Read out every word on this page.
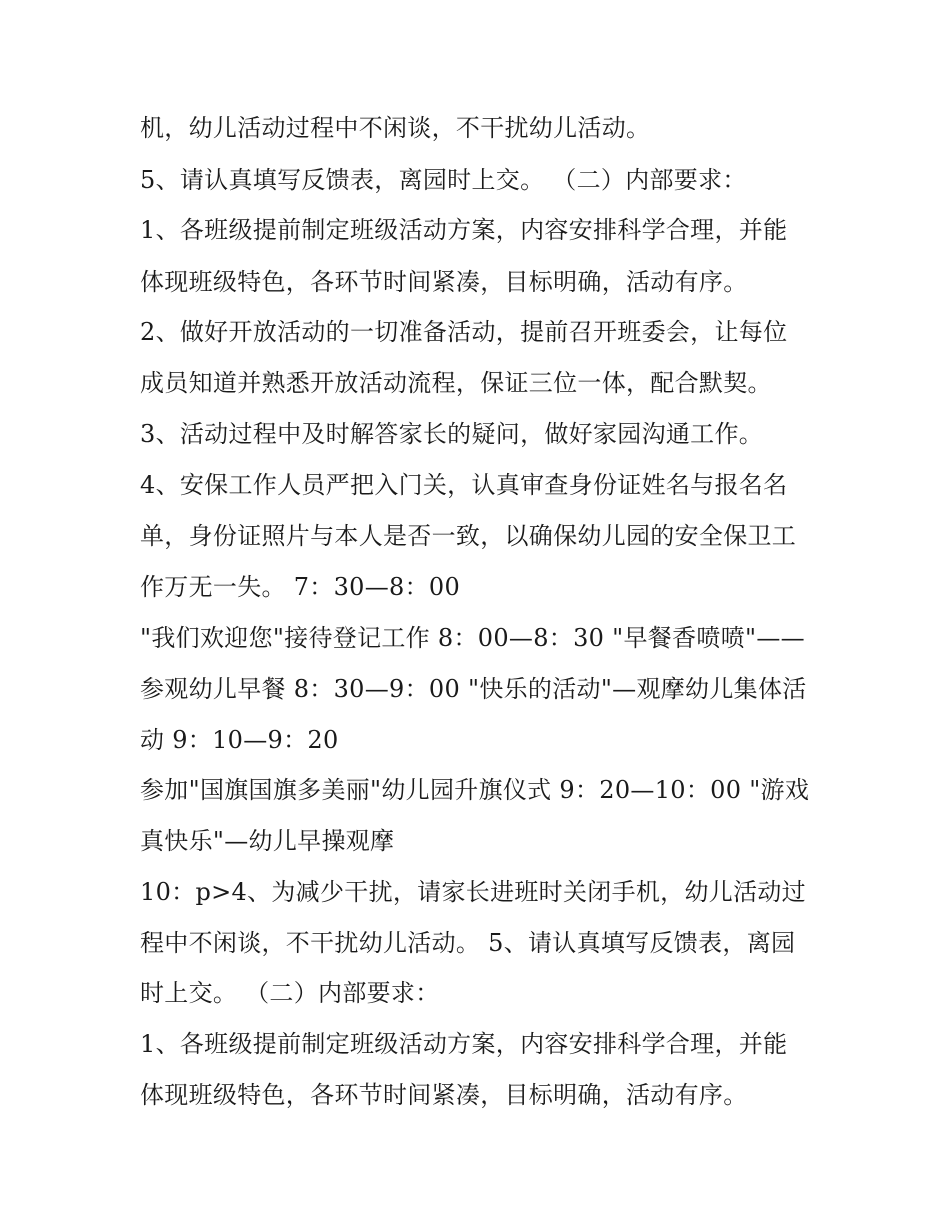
机，幼儿活动过程中不闲谈，不干扰幼儿活动。
5、请认真填写反馈表，离园时上交。 （二）内部要求：
1、各班级提前制定班级活动方案，内容安排科学合理，并能
体现班级特色，各环节时间紧凑，目标明确，活动有序。
2、做好开放活动的一切准备活动，提前召开班委会，让每位
成员知道并熟悉开放活动流程，保证三位一体，配合默契。
3、活动过程中及时解答家长的疑问，做好家园沟通工作。
4、安保工作人员严把入门关，认真审查身份证姓名与报名名
单，身份证照片与本人是否一致，以确保幼儿园的安全保卫工
作万无一失。 7：30—8：00
"我们欢迎您"接待登记工作 8：00—8：30 "早餐香喷喷"——
参观幼儿早餐 8：30—9：00 "快乐的活动"—观摩幼儿集体活
动 9：10—9：20
参加"国旗国旗多美丽"幼儿园升旗仪式 9：20—10：00 "游戏
真快乐"—幼儿早操观摩
10：p>4、为减少干扰，请家长进班时关闭手机，幼儿活动过
程中不闲谈，不干扰幼儿活动。 5、请认真填写反馈表，离园
时上交。 （二）内部要求：
1、各班级提前制定班级活动方案，内容安排科学合理，并能
体现班级特色，各环节时间紧凑，目标明确，活动有序。
